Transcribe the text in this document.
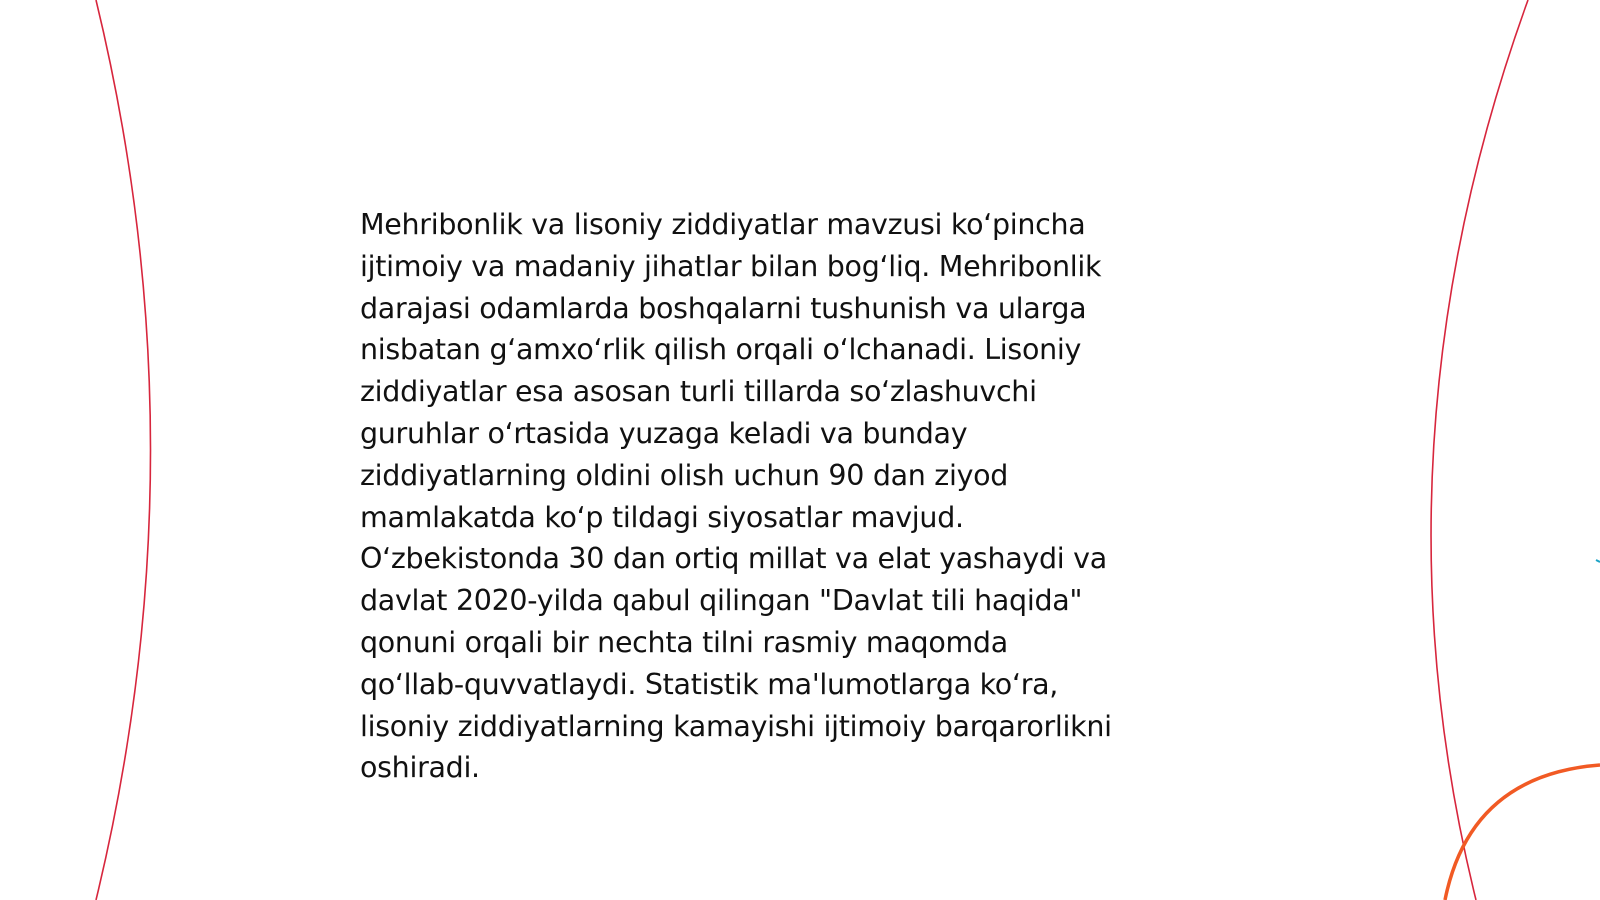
Mehribonlik va lisoniy ziddiyatlar mavzusi koʻpincha
ijtimoiy va madaniy jihatlar bilan bogʻliq. Mehribonlik
darajasi odamlarda boshqalarni tushunish va ularga
nisbatan gʻamxoʻrlik qilish orqali oʻlchanadi. Lisoniy
ziddiyatlar esa asosan turli tillarda soʻzlashuvchi
guruhlar oʻrtasida yuzaga keladi va bunday
ziddiyatlarning oldini olish uchun 90 dan ziyod
mamlakatda koʻp tildagi siyosatlar mavjud.
Oʻzbekistonda 30 dan ortiq millat va elat yashaydi va
davlat 2020-yilda qabul qilingan "Davlat tili haqida"
qonuni orqali bir nechta tilni rasmiy maqomda
qoʻllab-quvvatlaydi. Statistik ma'lumotlarga koʻra,
lisoniy ziddiyatlarning kamayishi ijtimoiy barqarorlikni
oshiradi.
